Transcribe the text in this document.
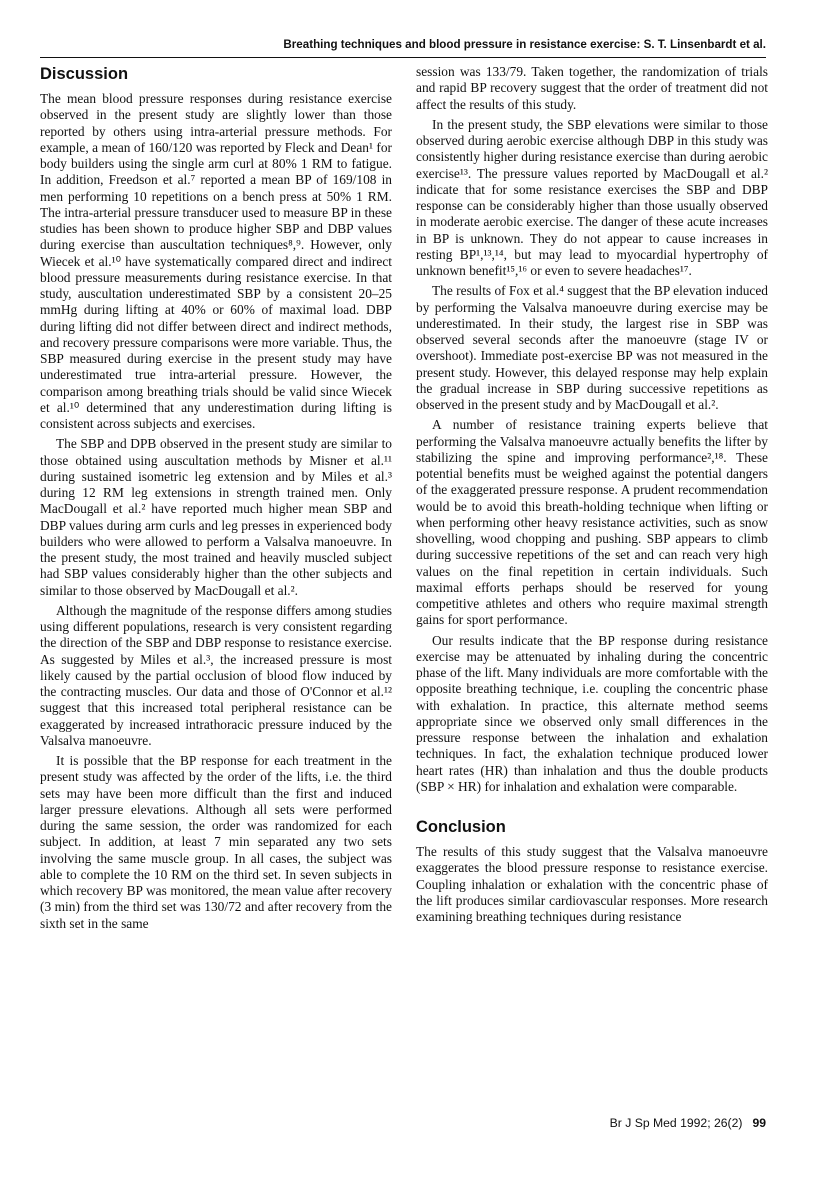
Breathing techniques and blood pressure in resistance exercise: S. T. Linsenbardt et al.
Discussion

The mean blood pressure responses during resistance exercise observed in the present study are slightly lower than those reported by others using intra-arterial pressure methods. For example, a mean of 160/120 was reported by Fleck and Dean¹ for body builders using the single arm curl at 80% 1 RM to fatigue. In addition, Freedson et al.⁷ reported a mean BP of 169/108 in men performing 10 repetitions on a bench press at 50% 1 RM. The intra-arterial pressure transducer used to measure BP in these studies has been shown to produce higher SBP and DBP values during exercise than auscultation techniques⁸,⁹. However, only Wiecek et al.¹⁰ have systematically compared direct and indirect blood pressure measurements during resistance exercise. In that study, auscultation underestimated SBP by a consistent 20–25 mmHg during lifting at 40% or 60% of maximal load. DBP during lifting did not differ between direct and indirect methods, and recovery pressure comparisons were more variable. Thus, the SBP measured during exercise in the present study may have underestimated true intra-arterial pressure. However, the comparison among breathing trials should be valid since Wiecek et al.¹⁰ determined that any underestimation during lifting is consistent across subjects and exercises.

The SBP and DPB observed in the present study are similar to those obtained using auscultation methods by Misner et al.¹¹ during sustained isometric leg extension and by Miles et al.³ during 12 RM leg extensions in strength trained men. Only MacDougall et al.² have reported much higher mean SBP and DBP values during arm curls and leg presses in experienced body builders who were allowed to perform a Valsalva manoeuvre. In the present study, the most trained and heavily muscled subject had SBP values considerably higher than the other subjects and similar to those observed by MacDougall et al.².

Although the magnitude of the response differs among studies using different populations, research is very consistent regarding the direction of the SBP and DBP response to resistance exercise. As suggested by Miles et al.³, the increased pressure is most likely caused by the partial occlusion of blood flow induced by the contracting muscles. Our data and those of O'Connor et al.¹² suggest that this increased total peripheral resistance can be exaggerated by increased intrathoracic pressure induced by the Valsalva manoeuvre.

It is possible that the BP response for each treatment in the present study was affected by the order of the lifts, i.e. the third sets may have been more difficult than the first and induced larger pressure elevations. Although all sets were performed during the same session, the order was randomized for each subject. In addition, at least 7 min separated any two sets involving the same muscle group. In all cases, the subject was able to complete the 10 RM on the third set. In seven subjects in which recovery BP was monitored, the mean value after recovery (3 min) from the third set was 130/72 and after recovery from the sixth set in the same

session was 133/79. Taken together, the randomization of trials and rapid BP recovery suggest that the order of treatment did not affect the results of this study.

In the present study, the SBP elevations were similar to those observed during aerobic exercise although DBP in this study was consistently higher during resistance exercise than during aerobic exercise¹³. The pressure values reported by MacDougall et al.² indicate that for some resistance exercises the SBP and DBP response can be considerably higher than those usually observed in moderate aerobic exercise. The danger of these acute increases in BP is unknown. They do not appear to cause increases in resting BP¹,¹³,¹⁴, but may lead to myocardial hypertrophy of unknown benefit¹⁵,¹⁶ or even to severe headaches¹⁷.

The results of Fox et al.⁴ suggest that the BP elevation induced by performing the Valsalva manoeuvre during exercise may be underestimated. In their study, the largest rise in SBP was observed several seconds after the manoeuvre (stage IV or overshoot). Immediate post-exercise BP was not measured in the present study. However, this delayed response may help explain the gradual increase in SBP during successive repetitions as observed in the present study and by MacDougall et al.².

A number of resistance training experts believe that performing the Valsalva manoeuvre actually benefits the lifter by stabilizing the spine and improving performance²,¹⁸. These potential benefits must be weighed against the potential dangers of the exaggerated pressure response. A prudent recommendation would be to avoid this breath-holding technique when lifting or when performing other heavy resistance activities, such as snow shovelling, wood chopping and pushing. SBP appears to climb during successive repetitions of the set and can reach very high values on the final repetition in certain individuals. Such maximal efforts perhaps should be reserved for young competitive athletes and others who require maximal strength gains for sport performance.

Our results indicate that the BP response during resistance exercise may be attenuated by inhaling during the concentric phase of the lift. Many individuals are more comfortable with the opposite breathing technique, i.e. coupling the concentric phase with exhalation. In practice, this alternate method seems appropriate since we observed only small differences in the pressure response between the inhalation and exhalation techniques. In fact, the exhalation technique produced lower heart rates (HR) than inhalation and thus the double products (SBP × HR) for inhalation and exhalation were comparable.

Conclusion

The results of this study suggest that the Valsalva manoeuvre exaggerates the blood pressure response to resistance exercise. Coupling inhalation or exhalation with the concentric phase of the lift produces similar cardiovascular responses. More research examining breathing techniques during resistance

Br J Sp Med 1992; 26(2) 99
